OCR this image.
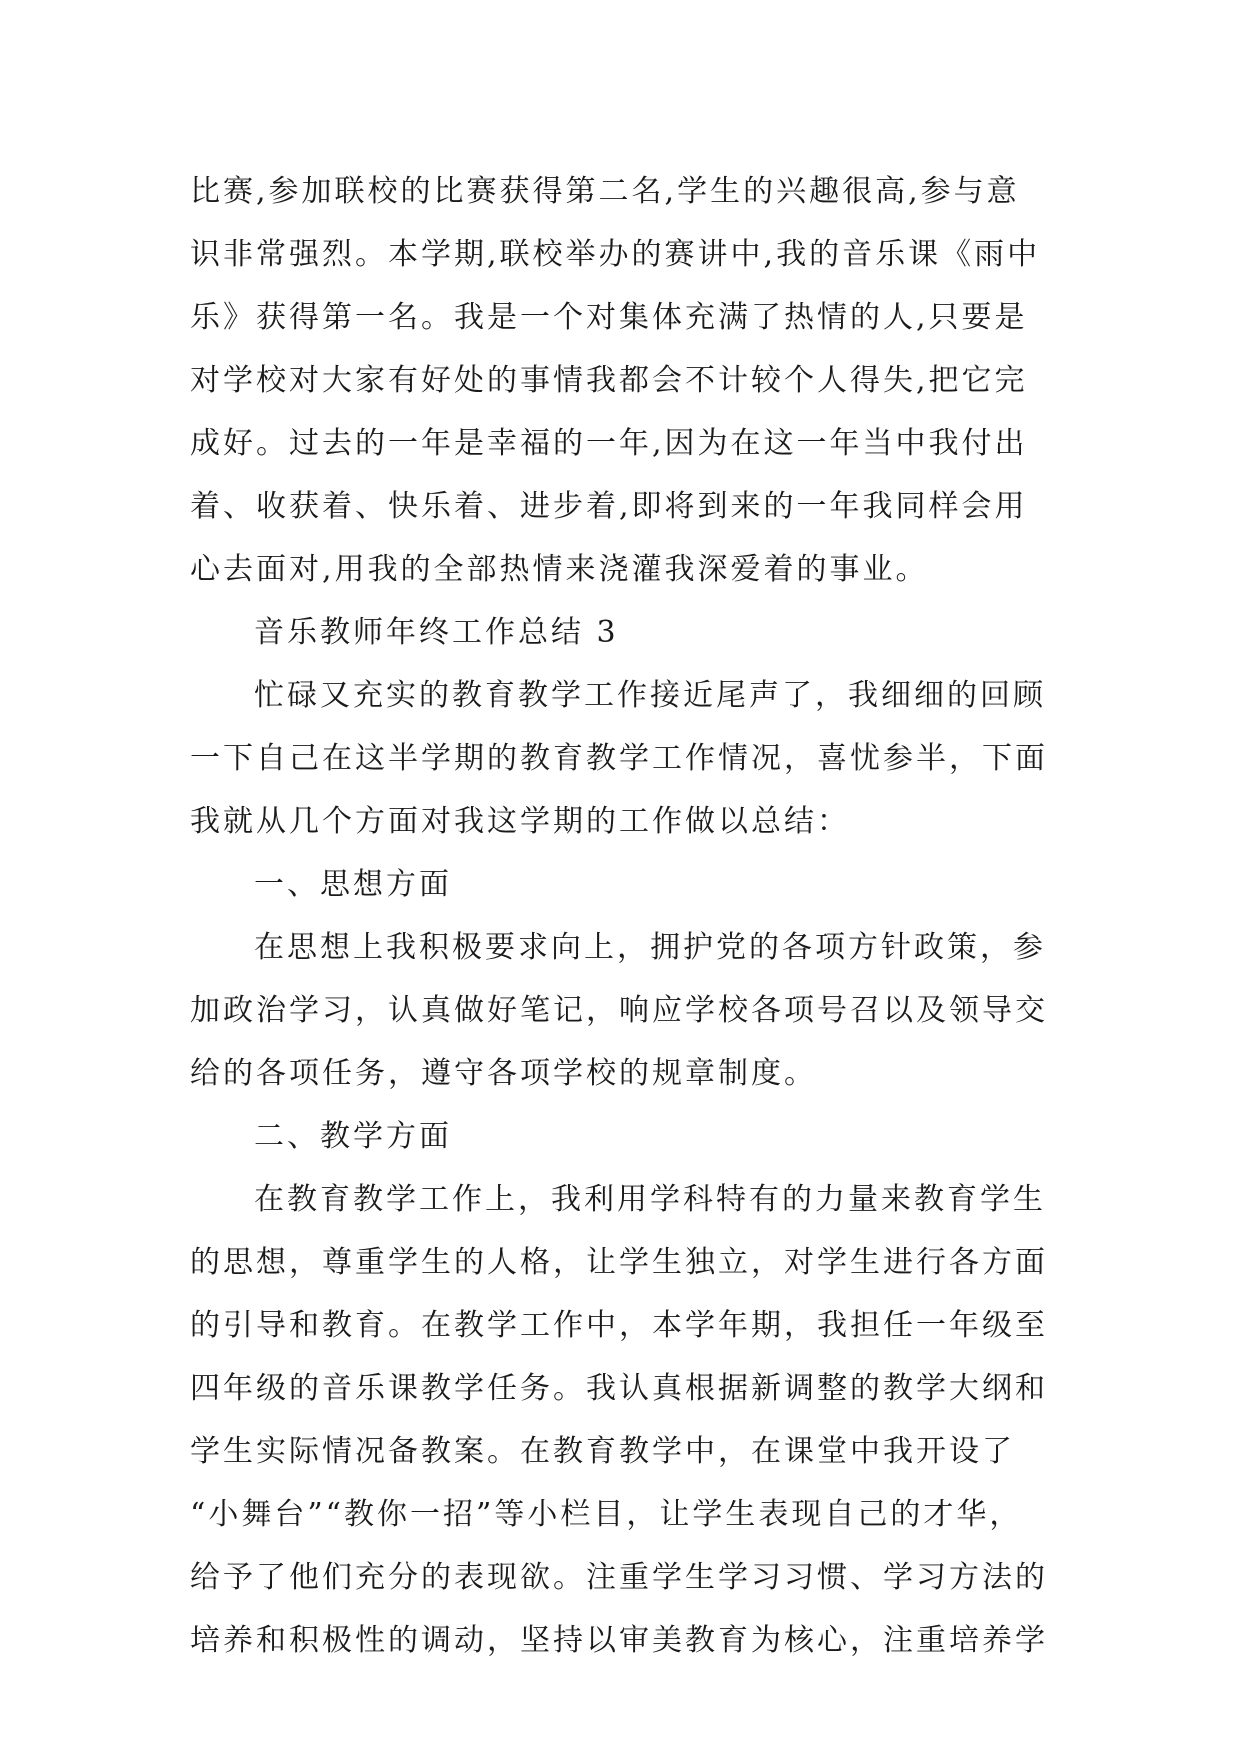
比赛,参加联校的比赛获得第二名,学生的兴趣很高,参与意
识非常强烈。本学期,联校举办的赛讲中,我的音乐课《雨中
乐》获得第一名。我是一个对集体充满了热情的人,只要是
对学校对大家有好处的事情我都会不计较个人得失,把它完
成好。过去的一年是幸福的一年,因为在这一年当中我付出
着、收获着、快乐着、进步着,即将到来的一年我同样会用
心去面对,用我的全部热情来浇灌我深爱着的事业。
音乐教师年终工作总结 3
忙碌又充实的教育教学工作接近尾声了，我细细的回顾
一下自己在这半学期的教育教学工作情况，喜忧参半，下面
我就从几个方面对我这学期的工作做以总结：
一、思想方面
在思想上我积极要求向上，拥护党的各项方针政策，参
加政治学习，认真做好笔记，响应学校各项号召以及领导交
给的各项任务，遵守各项学校的规章制度。
二、教学方面
在教育教学工作上，我利用学科特有的力量来教育学生
的思想，尊重学生的人格，让学生独立，对学生进行各方面
的引导和教育。在教学工作中，本学年期，我担任一年级至
四年级的音乐课教学任务。我认真根据新调整的教学大纲和
学生实际情况备教案。在教育教学中，在课堂中我开设了
“小舞台”“教你一招”等小栏目，让学生表现自己的才华，
给予了他们充分的表现欲。注重学生学习习惯、学习方法的
培养和积极性的调动，坚持以审美教育为核心，注重培养学
